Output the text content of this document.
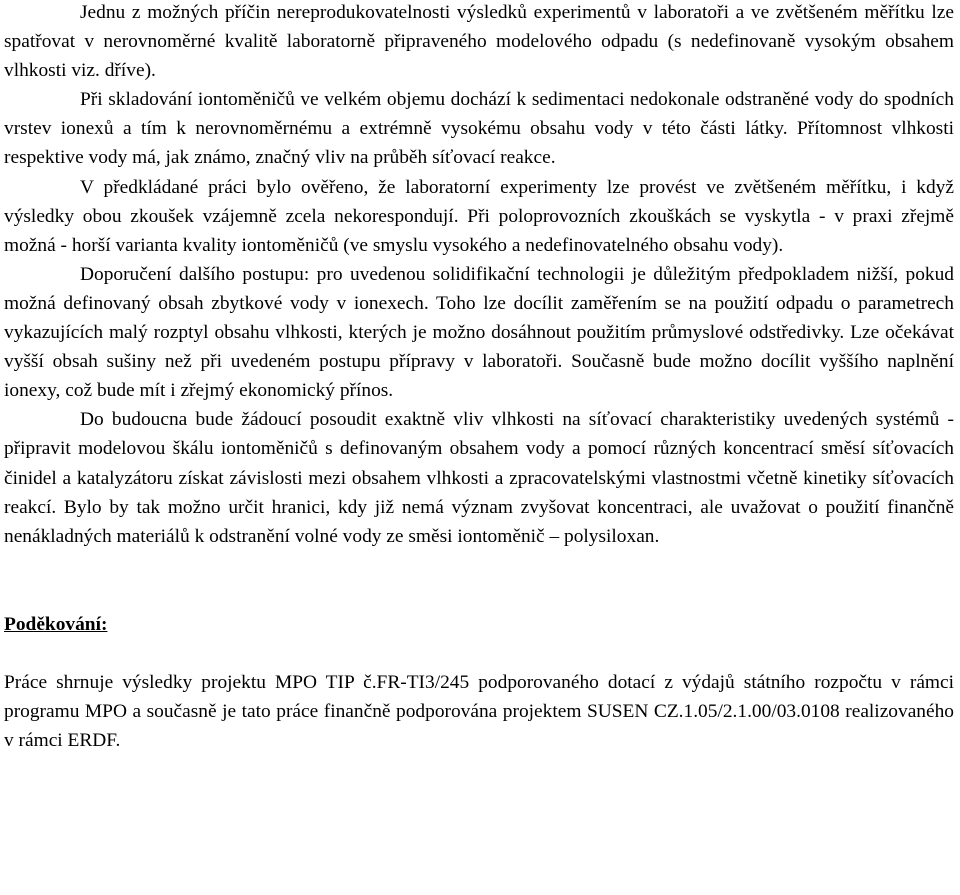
Jednu z možných příčin nereprodukovatelnosti výsledků experimentů v laboratoři a ve zvětšeném měřítku lze spatřovat v nerovnoměrné kvalitě laboratorně připraveného modelového odpadu (s nedefinovaně vysokým obsahem vlhkosti viz. dříve).

Při skladování iontoměničů ve velkém objemu dochází k sedimentaci nedokonale odstraněné vody do spodních vrstev ionexů a tím k nerovnoměrnému a extrémně vysokému obsahu vody v této části látky. Přítomnost vlhkosti respektive vody má, jak známo, značný vliv na průběh síťovací reakce.

V předkládané práci bylo ověřeno, že laboratorní experimenty lze provést ve zvětšeném měřítku, i když výsledky obou zkoušek vzájemně zcela nekorespondují. Při poloprovozních zkouškách se vyskytla - v praxi zřejmě možná - horší varianta kvality iontoměničů (ve smyslu vysokého a nedefinovatelného obsahu vody).

Doporučení dalšího postupu: pro uvedenou solidifikační technologii je důležitým předpokladem nižší, pokud možná definovaný obsah zbytkové vody v ionexech. Toho lze docílit zaměřením se na použití odpadu o parametrech vykazujících malý rozptyl obsahu vlhkosti, kterých je možno dosáhnout použitím průmyslové odstředivky. Lze očekávat vyšší obsah sušiny než při uvedeném postupu přípravy v laboratoři. Současně bude možno docílit vyššího naplnění ionexy, což bude mít i zřejmý ekonomický přínos.

Do budoucna bude žádoucí posoudit exaktně vliv vlhkosti na síťovací charakteristiky uvedených systémů - připravit modelovou škálu iontoměničů s definovaným obsahem vody a pomocí různých koncentrací směsí síťovacích činidel a katalyzátoru získat závislosti mezi obsahem vlhkosti a zpracovatelskými vlastnostmi včetně kinetiky síťovacích reakcí. Bylo by tak možno určit hranici, kdy již nemá význam zvyšovat koncentraci, ale uvažovat o použití finančně nenákladných materiálů k odstranění volné vody ze směsi iontoměnič – polysiloxan.

Poděkování:

Práce shrnuje výsledky projektu MPO TIP č.FR-TI3/245 podporovaného dotací z výdajů státního rozpočtu v rámci programu MPO a současně je tato práce finančně podporována projektem SUSEN CZ.1.05/2.1.00/03.0108 realizovaného v rámci ERDF.
